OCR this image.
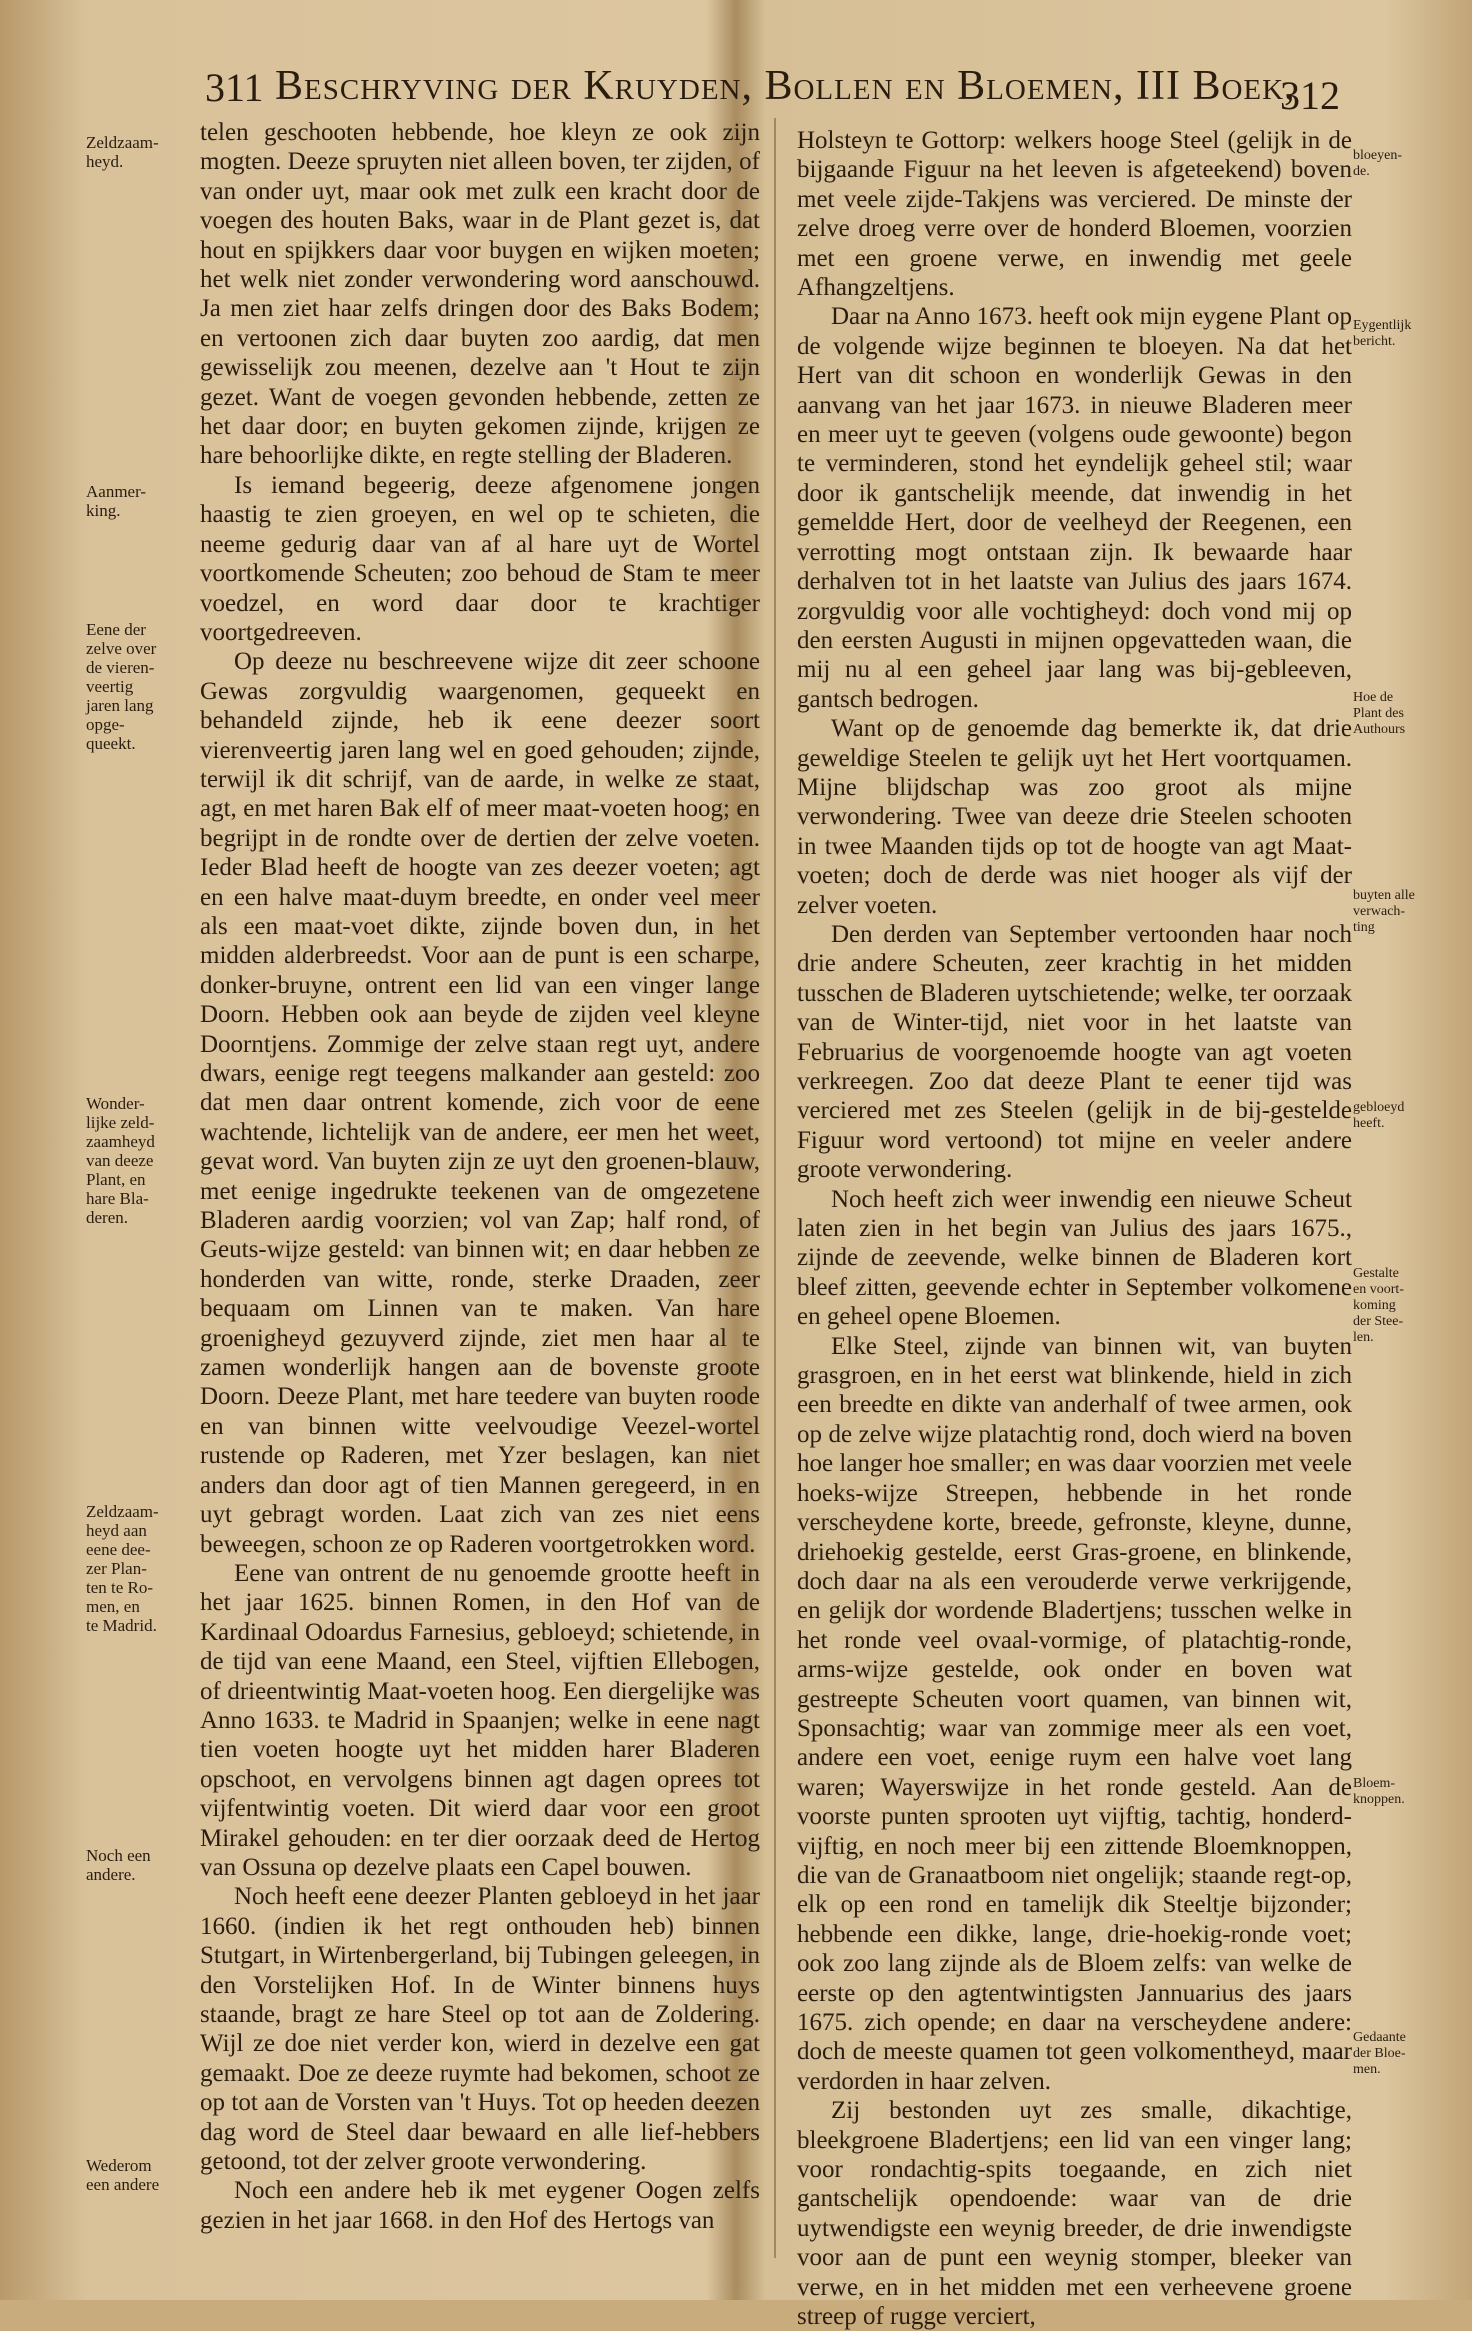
311 Beschryving der Kruyden, Bollen en Bloemen, III Boek,
312
Zeldzaam-
heyd.
Aanmer-
king.
Eene der
zelve over
de vieren-
veertig
jaren lang
opge-
queekt.
Wonder-
lijke zeld-
zaamheyd
van deeze
Plant, en
hare Bla-
deren.
Zeldzaam-
heyd aan
eene dee-
zer Plan-
ten te Ro-
men, en
te Madrid.
Noch een
andere.
Wederom
een andere
bloeyen-
de.
Eygentlijk
bericht.
Hoe de
Plant des
Authours
buyten alle
verwach-
ting
gebloeyd
heeft.
Gestalte
en voort-
koming
der Stee-
len.
Bloem-
knoppen.
Gedaante
der Bloe-
men.

telen geschooten hebbende, hoe kleyn ze ook zijn mogten. Deeze spruyten niet alleen boven, ter zijden, of van onder uyt, maar ook met zulk een kracht door de voegen des houten Baks, waar in de Plant gezet is, dat hout en spijkkers daar voor buygen en wijken moeten; het welk niet zonder verwondering word aanschouwd. Ja men ziet haar zelfs dringen door des Baks Bodem; en vertoonen zich daar buyten zoo aardig, dat men gewisselijk zou meenen, dezelve aan 't Hout te zijn gezet. Want de voegen gevonden hebbende, zetten ze het daar door; en buyten gekomen zijnde, krijgen ze hare behoorlijke dikte, en regte stelling der Bladeren.

Is iemand begeerig, deeze afgenomene jongen haastig te zien groeyen, en wel op te schieten, die neeme gedurig daar van af al hare uyt de Wortel voortkomende Scheuten; zoo behoud de Stam te meer voedzel, en word daar door te krachtiger voortgedreeven.

Op deeze nu beschreevene wijze dit zeer schoone Gewas zorgvuldig waargenomen, gequeekt en behandeld zijnde, heb ik eene deezer soort vierenveertig jaren lang wel en goed gehouden; zijnde, terwijl ik dit schrijf, van de aarde, in welke ze staat, agt, en met haren Bak elf of meer maat-voeten hoog; en begrijpt in de rondte over de dertien der zelve voeten. Ieder Blad heeft de hoogte van zes deezer voeten; agt en een halve maat-duym breedte, en onder veel meer als een maat-voet dikte, zijnde boven dun, in het midden alderbreedst. Voor aan de punt is een scharpe, donker-bruyne, ontrent een lid van een vinger lange Doorn. Hebben ook aan beyde de zijden veel kleyne Doorntjens. Zommige der zelve staan regt uyt, andere dwars, eenige regt teegens malkander aan gesteld: zoo dat men daar ontrent komende, zich voor de eene wachtende, lichtelijk van de andere, eer men het weet, gevat word. Van buyten zijn ze uyt den groenen-blauw, met eenige ingedrukte teekenen van de omgezetene Bladeren aardig voorzien; vol van Zap; half rond, of Geuts-wijze gesteld: van binnen wit; en daar hebben ze honderden van witte, ronde, sterke Draaden, zeer bequaam om Linnen van te maken. Van hare groenigheyd gezuyverd zijnde, ziet men haar al te zamen wonderlijk hangen aan de bovenste groote Doorn. Deeze Plant, met hare teedere van buyten roode en van binnen witte veelvoudige Veezel-wortel rustende op Raderen, met Yzer beslagen, kan niet anders dan door agt of tien Mannen geregeerd, in en uyt gebragt worden. Laat zich van zes niet eens beweegen, schoon ze op Raderen voortgetrokken word.

Eene van ontrent de nu genoemde grootte heeft in het jaar 1625. binnen Romen, in den Hof van de Kardinaal Odoardus Farnesius, gebloeyd; schietende, in de tijd van eene Maand, een Steel, vijftien Ellebogen, of drieentwintig Maat-voeten hoog. Een diergelijke was Anno 1633. te Madrid in Spaanjen; welke in eene nagt tien voeten hoogte uyt het midden harer Bladeren opschoot, en vervolgens binnen agt dagen oprees tot vijfentwintig voeten. Dit wierd daar voor een groot Mirakel gehouden: en ter dier oorzaak deed de Hertog van Ossuna op dezelve plaats een Capel bouwen.

Noch heeft eene deezer Planten gebloeyd in het jaar 1660. (indien ik het regt onthouden heb) binnen Stutgart, in Wirtenbergerland, bij Tubingen geleegen, in den Vorstelijken Hof. In de Winter binnens huys staande, bragt ze hare Steel op tot aan de Zoldering. Wijl ze doe niet verder kon, wierd in dezelve een gat gemaakt. Doe ze deeze ruymte had bekomen, schoot ze op tot aan de Vorsten van 't Huys. Tot op heeden deezen dag word de Steel daar bewaard en alle lief-hebbers getoond, tot der zelver groote verwondering.

Noch een andere heb ik met eygener Oogen zelfs gezien in het jaar 1668. in den Hof des Hertogs van

Holsteyn te Gottorp: welkers hooge Steel (gelijk in de bijgaande Figuur na het leeven is afgeteekend) boven met veele zijde-Takjens was verciered. De minste der zelve droeg verre over de honderd Bloemen, voorzien met een groene verwe, en inwendig met geele Afhangzeltjens.

Daar na Anno 1673. heeft ook mijn eygene Plant op de volgende wijze beginnen te bloeyen. Na dat het Hert van dit schoon en wonderlijk Gewas in den aanvang van het jaar 1673. in nieuwe Bladeren meer en meer uyt te geeven (volgens oude gewoonte) begon te verminderen, stond het eyndelijk geheel stil; waar door ik gantschelijk meende, dat inwendig in het gemeldde Hert, door de veelheyd der Reegenen, een verrotting mogt ontstaan zijn. Ik bewaarde haar derhalven tot in het laatste van Julius des jaars 1674. zorgvuldig voor alle vochtigheyd: doch vond mij op den eersten Augusti in mijnen opgevatteden waan, die mij nu al een geheel jaar lang was bij-gebleeven, gantsch bedrogen.

Want op de genoemde dag bemerkte ik, dat drie geweldige Steelen te gelijk uyt het Hert voortquamen. Mijne blijdschap was zoo groot als mijne verwondering. Twee van deeze drie Steelen schooten in twee Maanden tijds op tot de hoogte van agt Maat-voeten; doch de derde was niet hooger als vijf der zelver voeten.

Den derden van September vertoonden haar noch drie andere Scheuten, zeer krachtig in het midden tusschen de Bladeren uytschietende; welke, ter oorzaak van de Winter-tijd, niet voor in het laatste van Februarius de voorgenoemde hoogte van agt voeten verkreegen. Zoo dat deeze Plant te eener tijd was verciered met zes Steelen (gelijk in de bij-gestelde Figuur word vertoond) tot mijne en veeler andere groote verwondering.

Noch heeft zich weer inwendig een nieuwe Scheut laten zien in het begin van Julius des jaars 1675., zijnde de zeevende, welke binnen de Bladeren kort bleef zitten, geevende echter in September volkomene en geheel opene Bloemen.

Elke Steel, zijnde van binnen wit, van buyten grasgroen, en in het eerst wat blinkende, hield in zich een breedte en dikte van anderhalf of twee armen, ook op de zelve wijze platachtig rond, doch wierd na boven hoe langer hoe smaller; en was daar voorzien met veele hoeks-wijze Streepen, hebbende in het ronde verscheydene korte, breede, gefronste, kleyne, dunne, driehoekig gestelde, eerst Gras-groene, en blinkende, doch daar na als een verouderde verwe verkrijgende, en gelijk dor wordende Bladertjens; tusschen welke in het ronde veel ovaal-vormige, of platachtig-ronde, arms-wijze gestelde, ook onder en boven wat gestreepte Scheuten voort quamen, van binnen wit, Sponsachtig; waar van zommige meer als een voet, andere een voet, eenige ruym een halve voet lang waren; Wayerswijze in het ronde gesteld. Aan de voorste punten sprooten uyt vijftig, tachtig, honderd-vijftig, en noch meer bij een zittende Bloemknoppen, die van de Granaatboom niet ongelijk; staande regt-op, elk op een rond en tamelijk dik Steeltje bijzonder; hebbende een dikke, lange, drie-hoekig-ronde voet; ook zoo lang zijnde als de Bloem zelfs: van welke de eerste op den agtentwintigsten Jannuarius des jaars 1675. zich opende; en daar na verscheydene andere: doch de meeste quamen tot geen volkomentheyd, maar verdorden in haar zelven.

Zij bestonden uyt zes smalle, dikachtige, bleekgroene Bladertjens; een lid van een vinger lang; voor rondachtig-spits toegaande, en zich niet gantschelijk opendoende: waar van de drie uytwendigste een weynig breeder, de drie inwendigste voor aan de punt een weynig stomper, bleeker van verwe, en in het midden met een verheevene groene streep of rugge verciert,
